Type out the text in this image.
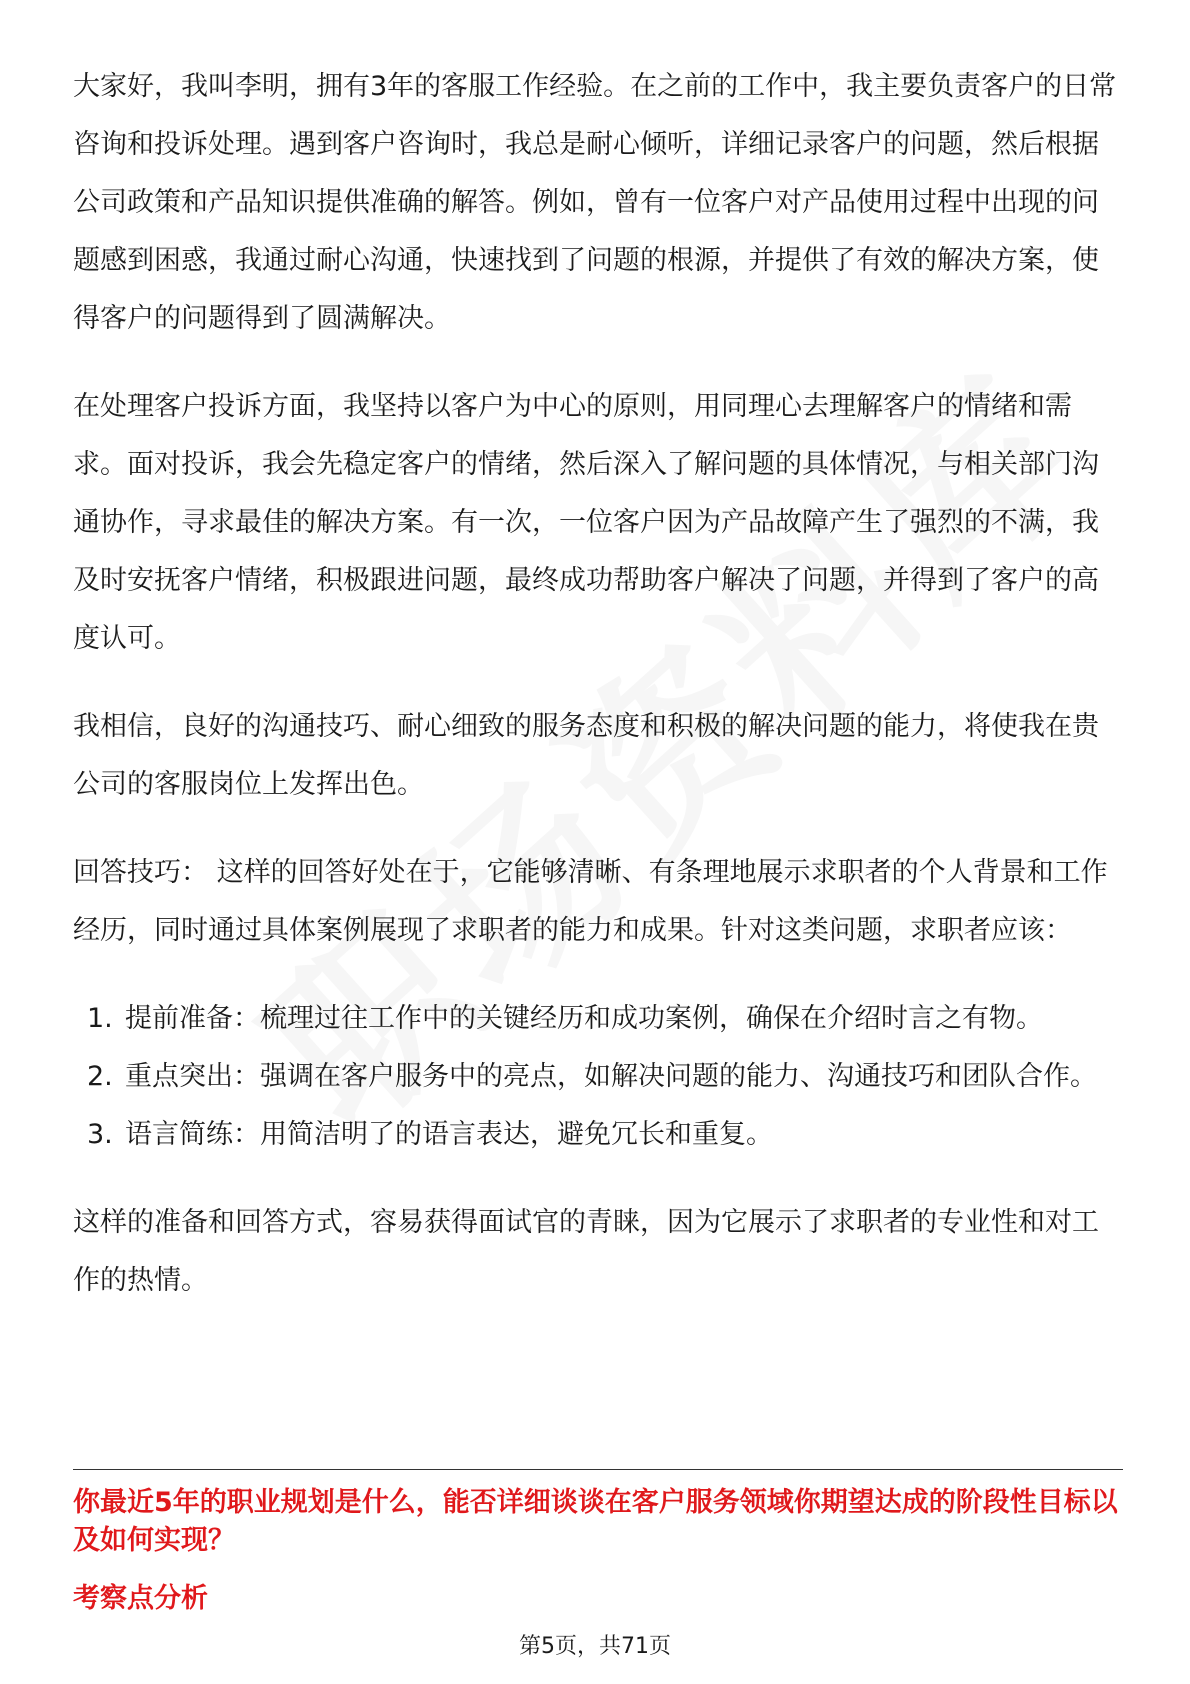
大家好，我叫李明，拥有3年的客服工作经验。在之前的工作中，我主要负责客户的日常咨询和投诉处理。遇到客户咨询时，我总是耐心倾听，详细记录客户的问题，然后根据公司政策和产品知识提供准确的解答。例如，曾有一位客户对产品使用过程中出现的问题感到困惑，我通过耐心沟通，快速找到了问题的根源，并提供了有效的解决方案，使得客户的问题得到了圆满解决。

在处理客户投诉方面，我坚持以客户为中心的原则，用同理心去理解客户的情绪和需求。面对投诉，我会先稳定客户的情绪，然后深入了解问题的具体情况，与相关部门沟通协作，寻求最佳的解决方案。有一次，一位客户因为产品故障产生了强烈的不满，我及时安抚客户情绪，积极跟进问题，最终成功帮助客户解决了问题，并得到了客户的高度认可。

我相信，良好的沟通技巧、耐心细致的服务态度和积极的解决问题的能力，将使我在贵公司的客服岗位上发挥出色。

回答技巧： 这样的回答好处在于，它能够清晰、有条理地展示求职者的个人背景和工作经历，同时通过具体案例展现了求职者的能力和成果。针对这类问题，求职者应该：

1. 提前准备：梳理过往工作中的关键经历和成功案例，确保在介绍时言之有物。
2. 重点突出：强调在客户服务中的亮点，如解决问题的能力、沟通技巧和团队合作。
3. 语言简练：用简洁明了的语言表达，避免冗长和重复。

这样的准备和回答方式，容易获得面试官的青睐，因为它展示了求职者的专业性和对工作的热情。

你最近5年的职业规划是什么，能否详细谈谈在客户服务领域你期望达成的阶段性目标以及如何实现？
考察点分析
第5页，共71页
